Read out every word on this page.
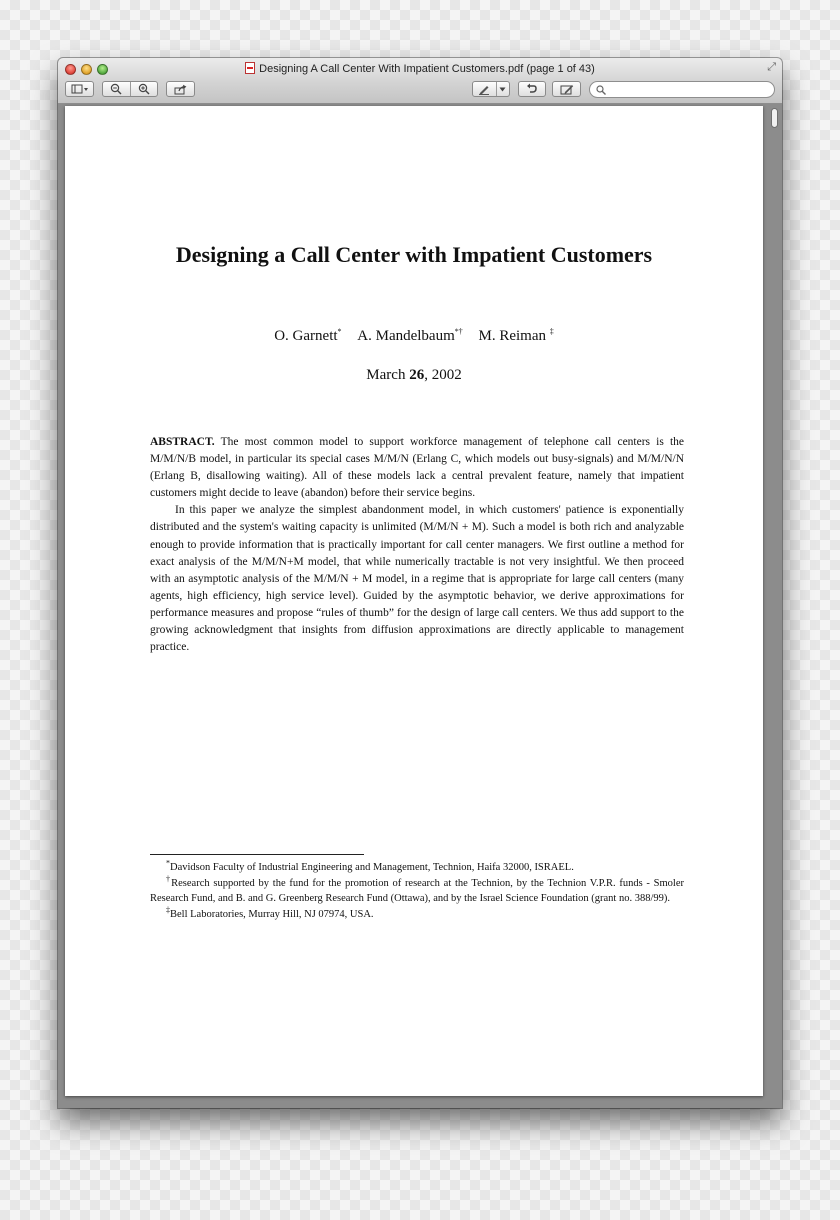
Designing A Call Center With Impatient Customers.pdf (page 1 of 43)	⤢
Designing a Call Center with Impatient Customers
O. Garnett* A. Mandelbaum*† M. Reiman ‡
March 26, 2002

ABSTRACT. The most common model to support workforce management of telephone call centers is the M/M/N/B model, in particular its special cases M/M/N (Erlang C, which models out busy-signals) and M/M/N/N (Erlang B, disallowing waiting). All of these models lack a central prevalent feature, namely that impatient customers might decide to leave (abandon) before their service begins.

In this paper we analyze the simplest abandonment model, in which customers' patience is exponentially distributed and the system's waiting capacity is unlimited (M/M/N + M). Such a model is both rich and analyzable enough to provide information that is practically important for call center managers. We first outline a method for exact analysis of the M/M/N+M model, that while numerically tractable is not very insightful. We then proceed with an asymptotic analysis of the M/M/N + M model, in a regime that is appropriate for large call centers (many agents, high efficiency, high service level). Guided by the asymptotic behavior, we derive approximations for performance measures and propose “rules of thumb” for the design of large call centers. We thus add support to the growing acknowledgment that insights from diffusion approximations are directly applicable to management practice.

*Davidson Faculty of Industrial Engineering and Management, Technion, Haifa 32000, ISRAEL.

†Research supported by the fund for the promotion of research at the Technion, by the Technion V.P.R. funds - Smoler Research Fund, and B. and G. Greenberg Research Fund (Ottawa), and by the Israel Science Foundation (grant no. 388/99).

‡Bell Laboratories, Murray Hill, NJ 07974, USA.
